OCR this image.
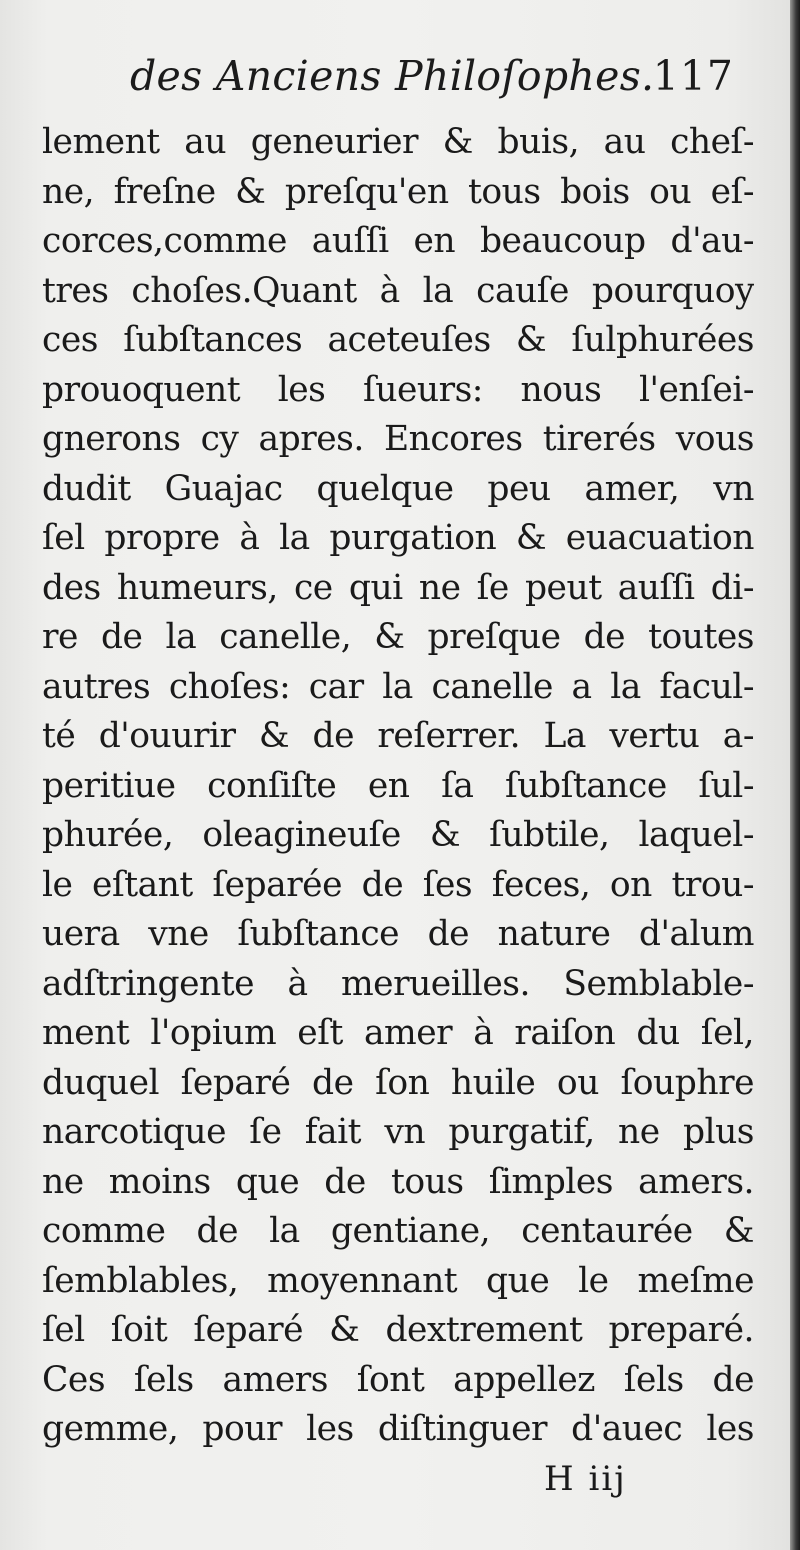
des Anciens Philoſophes.
117
lement au geneurier & buis, au cheſ-
ne, freſne & preſqu'en tous bois ou eſ-
corces,comme auſſi en beaucoup d'au-
tres choſes.Quant à la cauſe pourquoy
ces ſubſtances aceteuſes & ſulphurées
prouoquent les ſueurs: nous l'enſei-
gnerons cy apres. Encores tirerés vous
dudit Guajac quelque peu amer, vn
ſel propre à la purgation & euacuation
des humeurs, ce qui ne ſe peut auſſi di-
re de la canelle, & preſque de toutes
autres choſes: car la canelle a la facul-
té d'ouurir & de reſerrer. La vertu a-
peritiue conſiſte en ſa ſubſtance ſul-
phurée, oleagineuſe & ſubtile, laquel-
le eſtant ſeparée de ſes feces, on trou-
uera vne ſubſtance de nature d'alum
adſtringente à merueilles. Semblable-
ment l'opium eſt amer à raiſon du ſel,
duquel ſeparé de ſon huile ou ſouphre
narcotique ſe fait vn purgatif, ne plus
ne moins que de tous ſimples amers.
comme de la gentiane, centaurée &
ſemblables, moyennant que le meſme
ſel ſoit ſeparé & dextrement preparé.
Ces ſels amers ſont appellez ſels de
gemme, pour les diſtinguer d'auec les
H iij
